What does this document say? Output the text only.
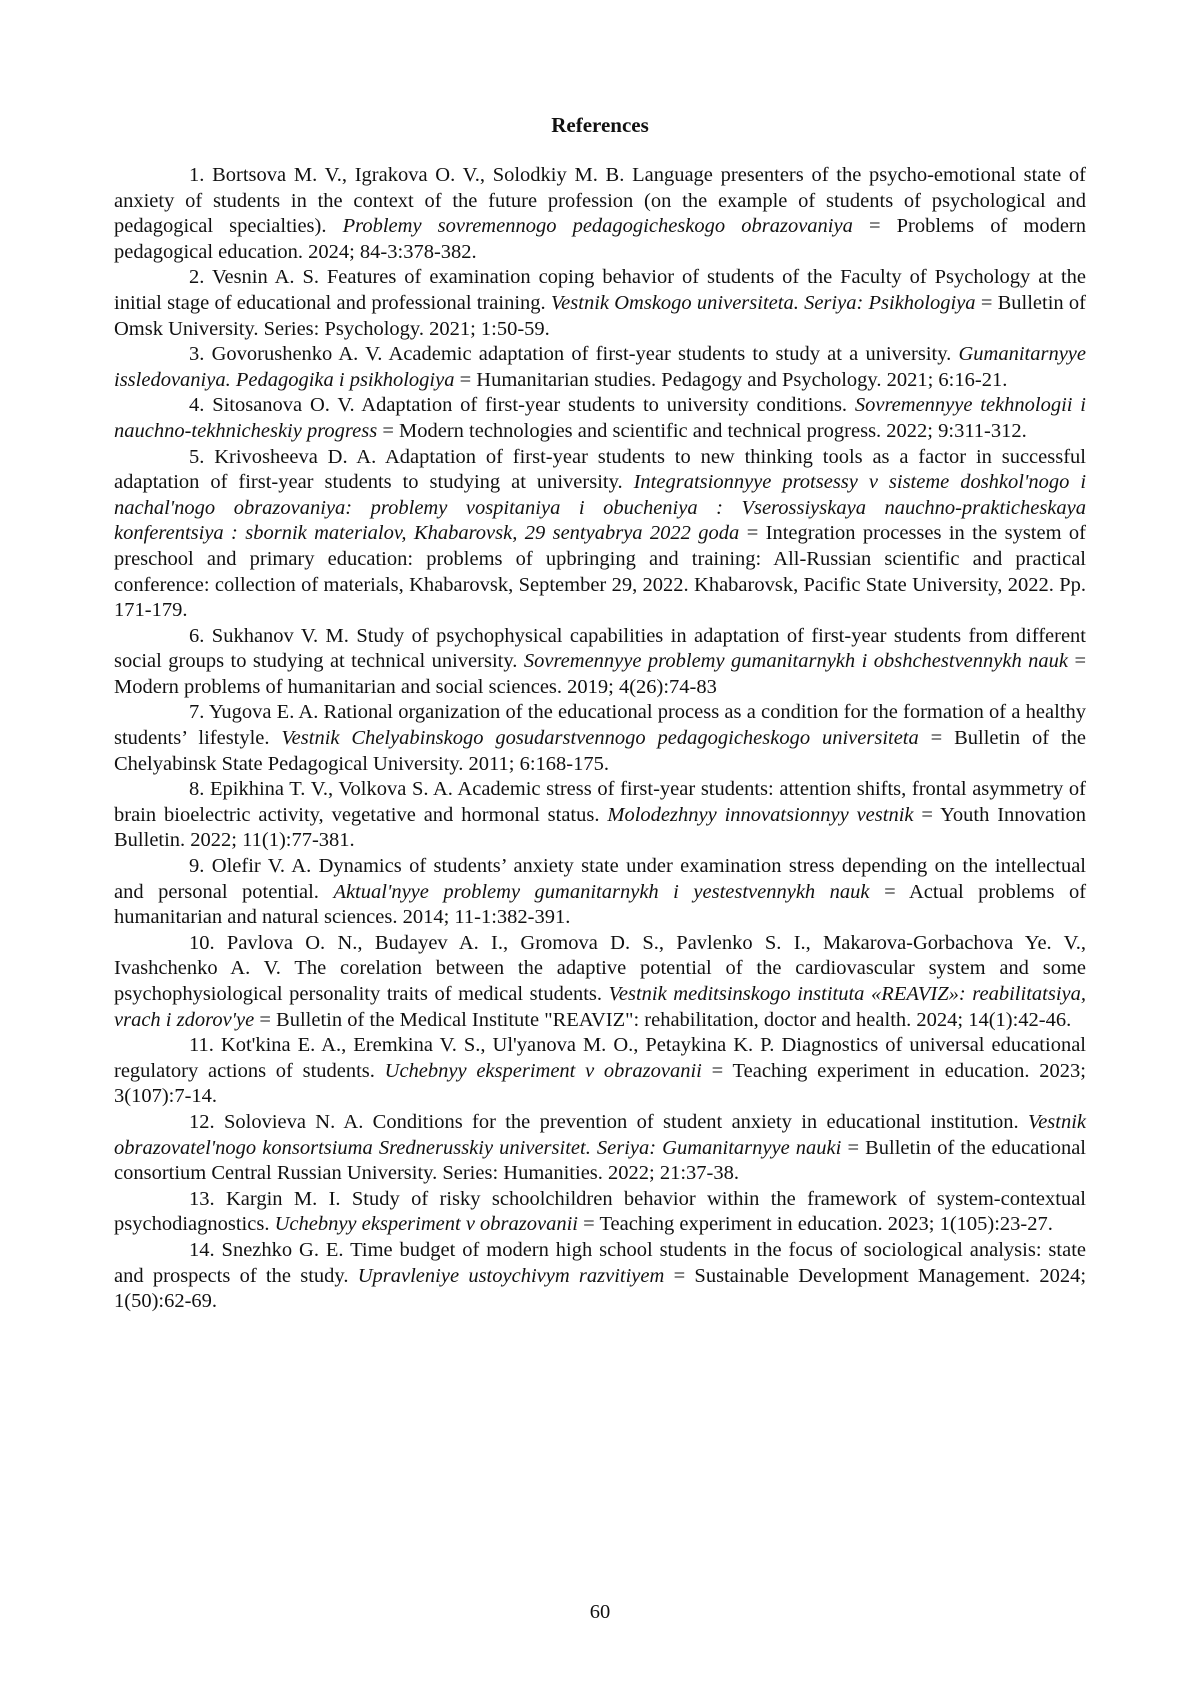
References

1. Bortsova M. V., Igrakova O. V., Solodkiy M. B. Language presenters of the psycho-emotional state of anxiety of students in the context of the future profession (on the example of students of psychological and pedagogical specialties). Problemy sovremennogo pedagogicheskogo obrazovaniya = Problems of modern pedagogical education. 2024; 84-3:378-382.

2. Vesnin A. S. Features of examination coping behavior of students of the Faculty of Psychology at the initial stage of educational and professional training. Vestnik Omskogo universiteta. Seriya: Psikhologiya = Bulletin of Omsk University. Series: Psychology. 2021; 1:50-59.

3. Govorushenko A. V. Academic adaptation of first-year students to study at a university. Gumanitarnyye issledovaniya. Pedagogika i psikhologiya = Humanitarian studies. Pedagogy and Psychology. 2021; 6:16-21.

4. Sitosanova O. V. Adaptation of first-year students to university conditions. Sovremennyye tekhnologii i nauchno-tekhnicheskiy progress = Modern technologies and scientific and technical progress. 2022; 9:311-312.

5. Krivosheeva D. A. Adaptation of first-year students to new thinking tools as a factor in successful adaptation of first-year students to studying at university. Integratsionnyye protsessy v sisteme doshkol'nogo i nachal'nogo obrazovaniya: problemy vospitaniya i obucheniya : Vserossiyskaya nauchno-prakticheskaya konferentsiya : sbornik materialov, Khabarovsk, 29 sentyabrya 2022 goda = Integration processes in the system of preschool and primary education: problems of upbringing and training: All-Russian scientific and practical conference: collection of materials, Khabarovsk, September 29, 2022. Khabarovsk, Pacific State University, 2022. Pp. 171-179.

6. Sukhanov V. M. Study of psychophysical capabilities in adaptation of first-year students from different social groups to studying at technical university. Sovremennyye problemy gumanitarnykh i obshchestvennykh nauk = Modern problems of humanitarian and social sciences. 2019; 4(26):74-83

7. Yugova E. A. Rational organization of the educational process as a condition for the formation of a healthy students’ lifestyle. Vestnik Chelyabinskogo gosudarstvennogo pedagogicheskogo universiteta = Bulletin of the Chelyabinsk State Pedagogical University. 2011; 6:168-175.

8. Epikhina T. V., Volkova S. A. Academic stress of first-year students: attention shifts, frontal asymmetry of brain bioelectric activity, vegetative and hormonal status. Molodezhnyy innovatsionnyy vestnik = Youth Innovation Bulletin. 2022; 11(1):77-381.

9. Olefir V. A. Dynamics of students’ anxiety state under examination stress depending on the intellectual and personal potential. Aktual'nyye problemy gumanitarnykh i yestestvennykh nauk = Actual problems of humanitarian and natural sciences. 2014; 11-1:382-391.

10. Pavlova O. N., Budayev A. I., Gromova D. S., Pavlenko S. I., Makarova-Gorbachova Ye. V., Ivashchenko A. V. The corelation between the adaptive potential of the cardiovascular system and some psychophysiological personality traits of medical students. Vestnik meditsinskogo instituta «REAVIZ»: reabilitatsiya, vrach i zdorov'ye = Bulletin of the Medical Institute "REAVIZ": rehabilitation, doctor and health. 2024; 14(1):42-46.

11. Kot'kina E. A., Eremkina V. S., Ul'yanova M. O., Petaykina K. P. Diagnostics of universal educational regulatory actions of students. Uchebnyy eksperiment v obrazovanii = Teaching experiment in education. 2023; 3(107):7-14.

12. Solovieva N. A. Conditions for the prevention of student anxiety in educational institution. Vestnik obrazovatel'nogo konsortsiuma Srednerusskiy universitet. Seriya: Gumanitarnyye nauki = Bulletin of the educational consortium Central Russian University. Series: Humanities. 2022; 21:37-38.

13. Kargin M. I. Study of risky schoolchildren behavior within the framework of system-contextual psychodiagnostics. Uchebnyy eksperiment v obrazovanii = Teaching experiment in education. 2023; 1(105):23-27.

14. Snezhko G. E. Time budget of modern high school students in the focus of sociological analysis: state and prospects of the study. Upravleniye ustoychivym razvitiyem = Sustainable Development Management. 2024; 1(50):62-69.

60
